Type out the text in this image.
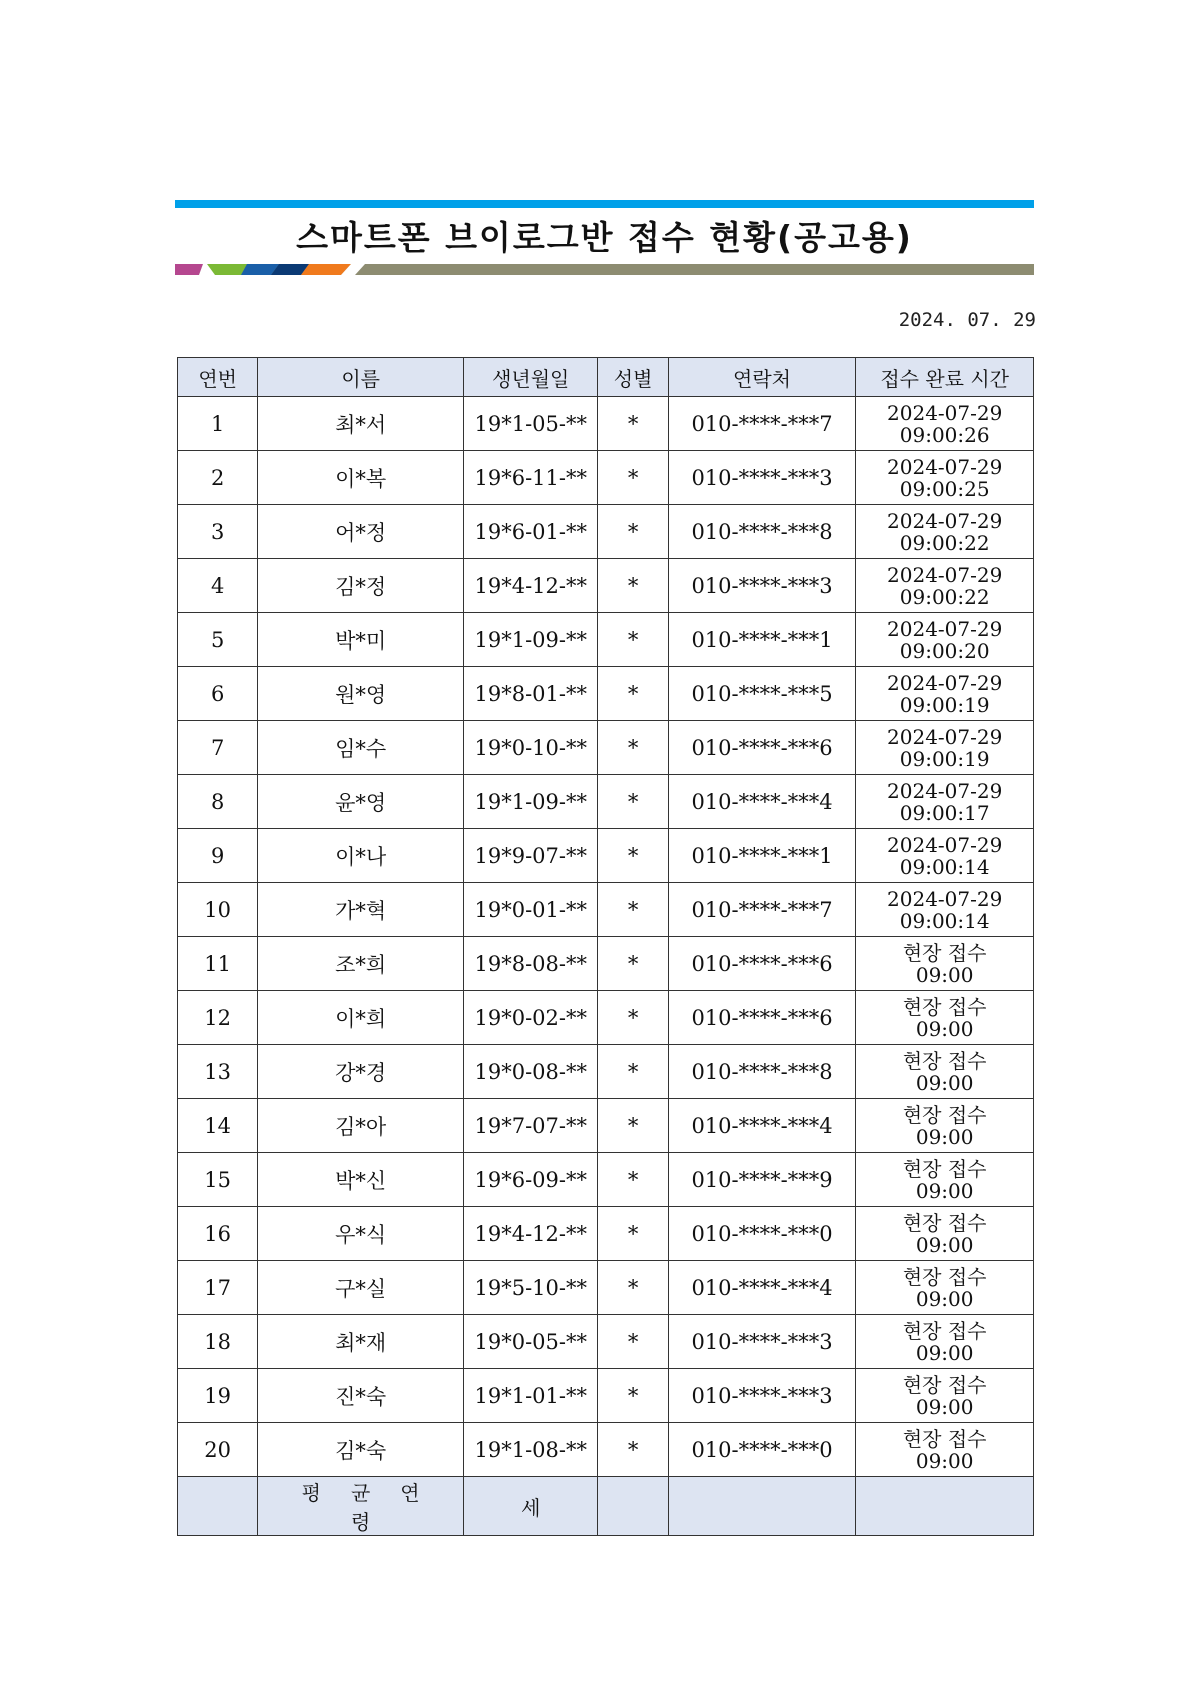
스마트폰 브이로그반 접수 현황(공고용)
2024. 07. 29
연번	이름	생년월일	성별	연락처	접수 완료 시간
1	최*서	19*1-05-**	*	010-****-***7	2024-07-29
09:00:26

2	이*복	19*6-11-**	*	010-****-***3	2024-07-29
09:00:25

3	어*정	19*6-01-**	*	010-****-***8	2024-07-29
09:00:22

4	김*정	19*4-12-**	*	010-****-***3	2024-07-29
09:00:22

5	박*미	19*1-09-**	*	010-****-***1	2024-07-29
09:00:20

6	원*영	19*8-01-**	*	010-****-***5	2024-07-29
09:00:19

7	임*수	19*0-10-**	*	010-****-***6	2024-07-29
09:00:19

8	윤*영	19*1-09-**	*	010-****-***4	2024-07-29
09:00:17

9	이*나	19*9-07-**	*	010-****-***1	2024-07-29
09:00:14

10	가*혁	19*0-01-**	*	010-****-***7	2024-07-29
09:00:14

11	조*희	19*8-08-**	*	010-****-***6	현장 접수
09:00

12	이*희	19*0-02-**	*	010-****-***6	현장 접수
09:00

13	강*경	19*0-08-**	*	010-****-***8	현장 접수
09:00

14	김*아	19*7-07-**	*	010-****-***4	현장 접수
09:00

15	박*신	19*6-09-**	*	010-****-***9	현장 접수
09:00

16	우*식	19*4-12-**	*	010-****-***0	현장 접수
09:00

17	구*실	19*5-10-**	*	010-****-***4	현장 접수
09:00

18	최*재	19*0-05-**	*	010-****-***3	현장 접수
09:00

19	진*숙	19*1-01-**	*	010-****-***3	현장 접수
09:00

20	김*숙	19*1-08-**	*	010-****-***0	현장 접수
09:00

	평균연령	세			
